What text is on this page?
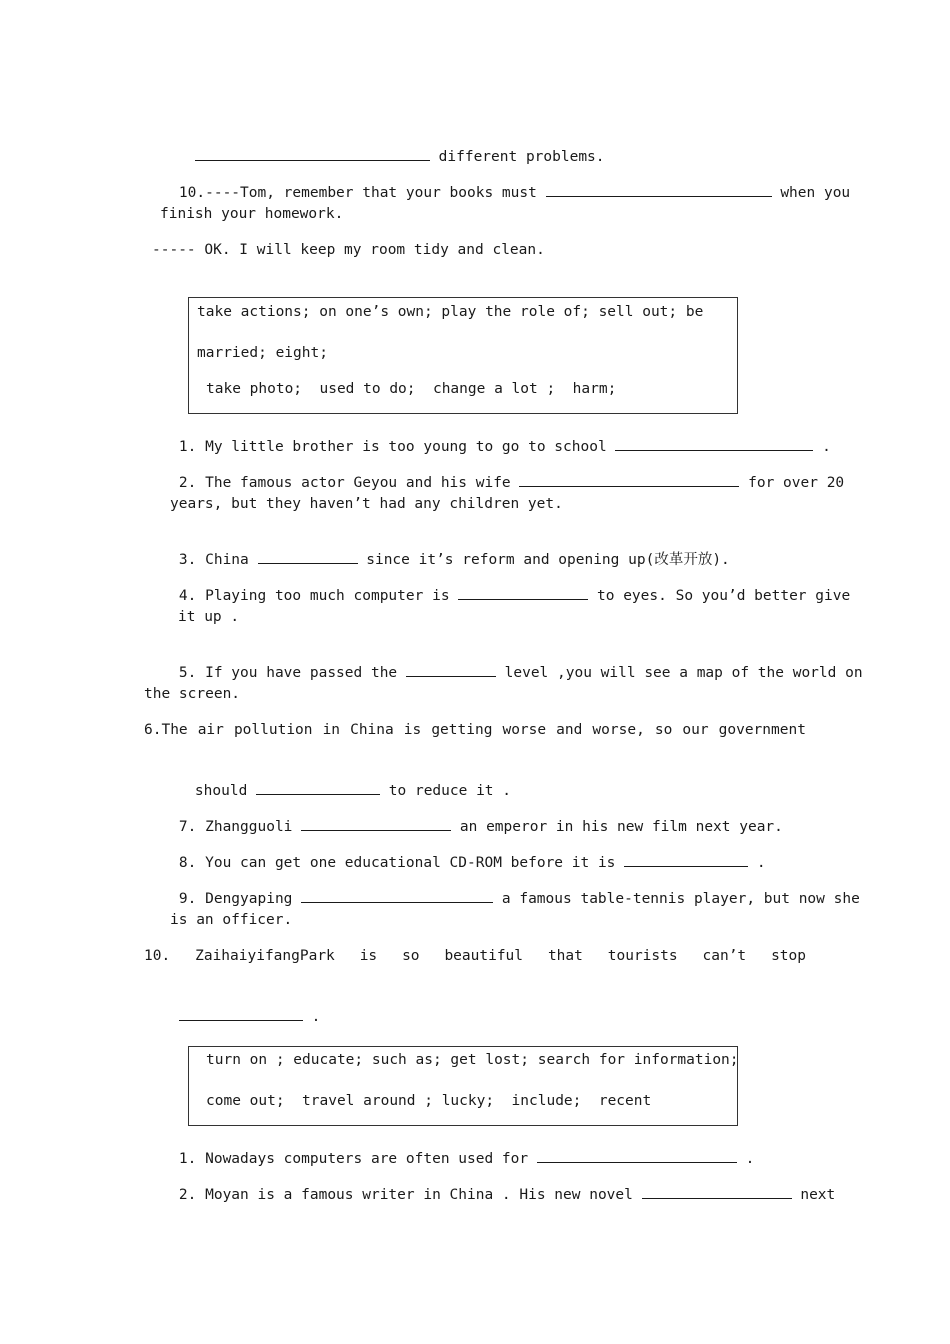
different problems.

10.----Tom, remember that your books must	when you

finish your homework.
----- OK. I will keep my room tidy and clean.
take actions; on one’s own; play the role of; sell out; be
married; eight;
take photo;  used to do;  change a lot ;  harm;

1. My little brother is too young to go to school	.

2. The famous actor Geyou and his wife	for over 20

years, but they haven’t had any children yet.

3. China	since it’s reform and opening up(改革开放).

4. Playing too much computer is	to eyes. So you’d better give

it up .

5. If you have passed the	level ,you will see a map of the world on

the screen.
6.The air pollution in China is getting worse and worse, so our government

should	to reduce it .

7. Zhangguoli	an emperor in his new film next year.

8. You can get one educational CD-ROM before it is	.

9. Dengyaping	a famous table-tennis player, but now she

is an officer.
10. ZaihaiyifangPark is so beautiful that tourists can’t stop

.

turn on ; educate; such as; get lost; search for information;
come out;  travel around ; lucky;  include;  recent

1. Nowadays computers are often used for	.

2. Moyan is a famous writer in China . His new novel	next
